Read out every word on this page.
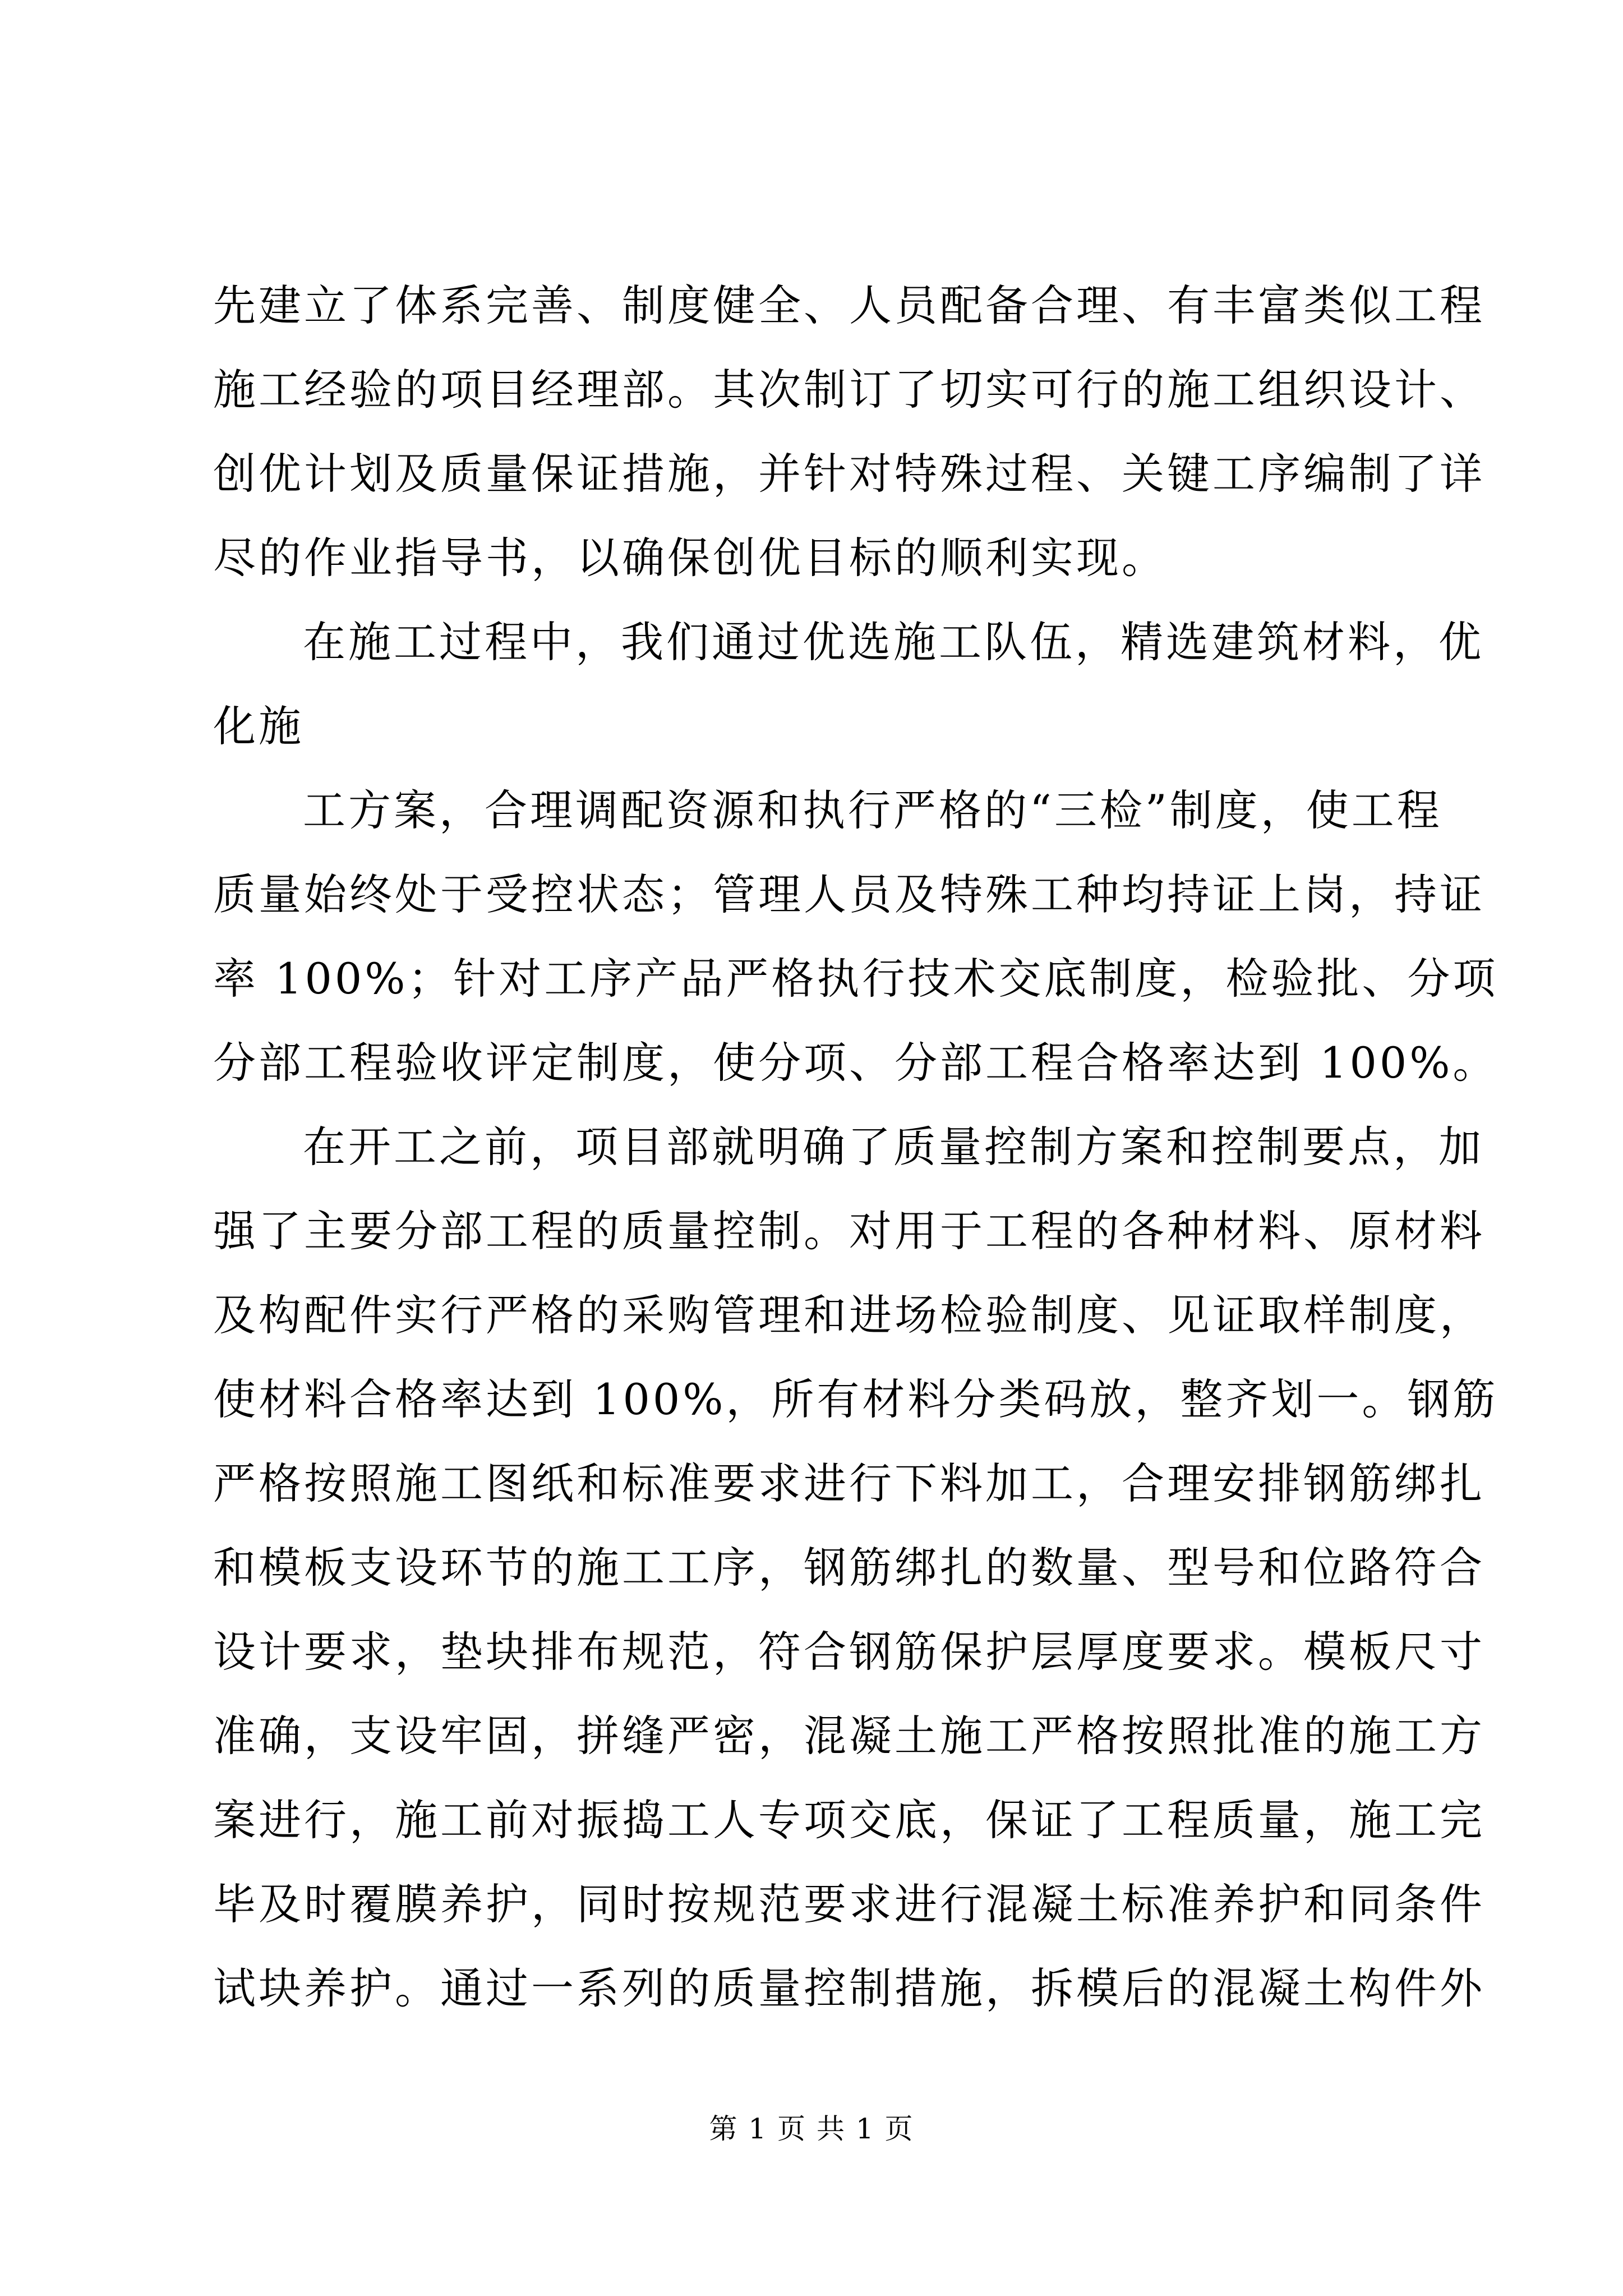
先建立了体系完善、制度健全、人员配备合理、有丰富类似工程
施工经验的项目经理部。其次制订了切实可行的施工组织设计、
创优计划及质量保证措施，并针对特殊过程、关键工序编制了详
尽的作业指导书，以确保创优目标的顺利实现。
在施工过程中，我们通过优选施工队伍，精选建筑材料，优
化施
工方案，合理调配资源和执行严格的“三检”制度，使工程
质量始终处于受控状态；管理人员及特殊工种均持证上岗，持证
率 100%；针对工序产品严格执行技术交底制度，检验批、分项
分部工程验收评定制度，使分项、分部工程合格率达到 100%。
在开工之前，项目部就明确了质量控制方案和控制要点，加
强了主要分部工程的质量控制。对用于工程的各种材料、原材料
及构配件实行严格的采购管理和进场检验制度、见证取样制度，
使材料合格率达到 100%，所有材料分类码放，整齐划一。钢筋
严格按照施工图纸和标准要求进行下料加工，合理安排钢筋绑扎
和模板支设环节的施工工序，钢筋绑扎的数量、型号和位路符合
设计要求，垫块排布规范，符合钢筋保护层厚度要求。模板尺寸
准确，支设牢固，拼缝严密，混凝土施工严格按照批准的施工方
案进行，施工前对振捣工人专项交底，保证了工程质量，施工完
毕及时覆膜养护，同时按规范要求进行混凝土标准养护和同条件
试块养护。通过一系列的质量控制措施，拆模后的混凝土构件外
第 1 页 共 1 页
